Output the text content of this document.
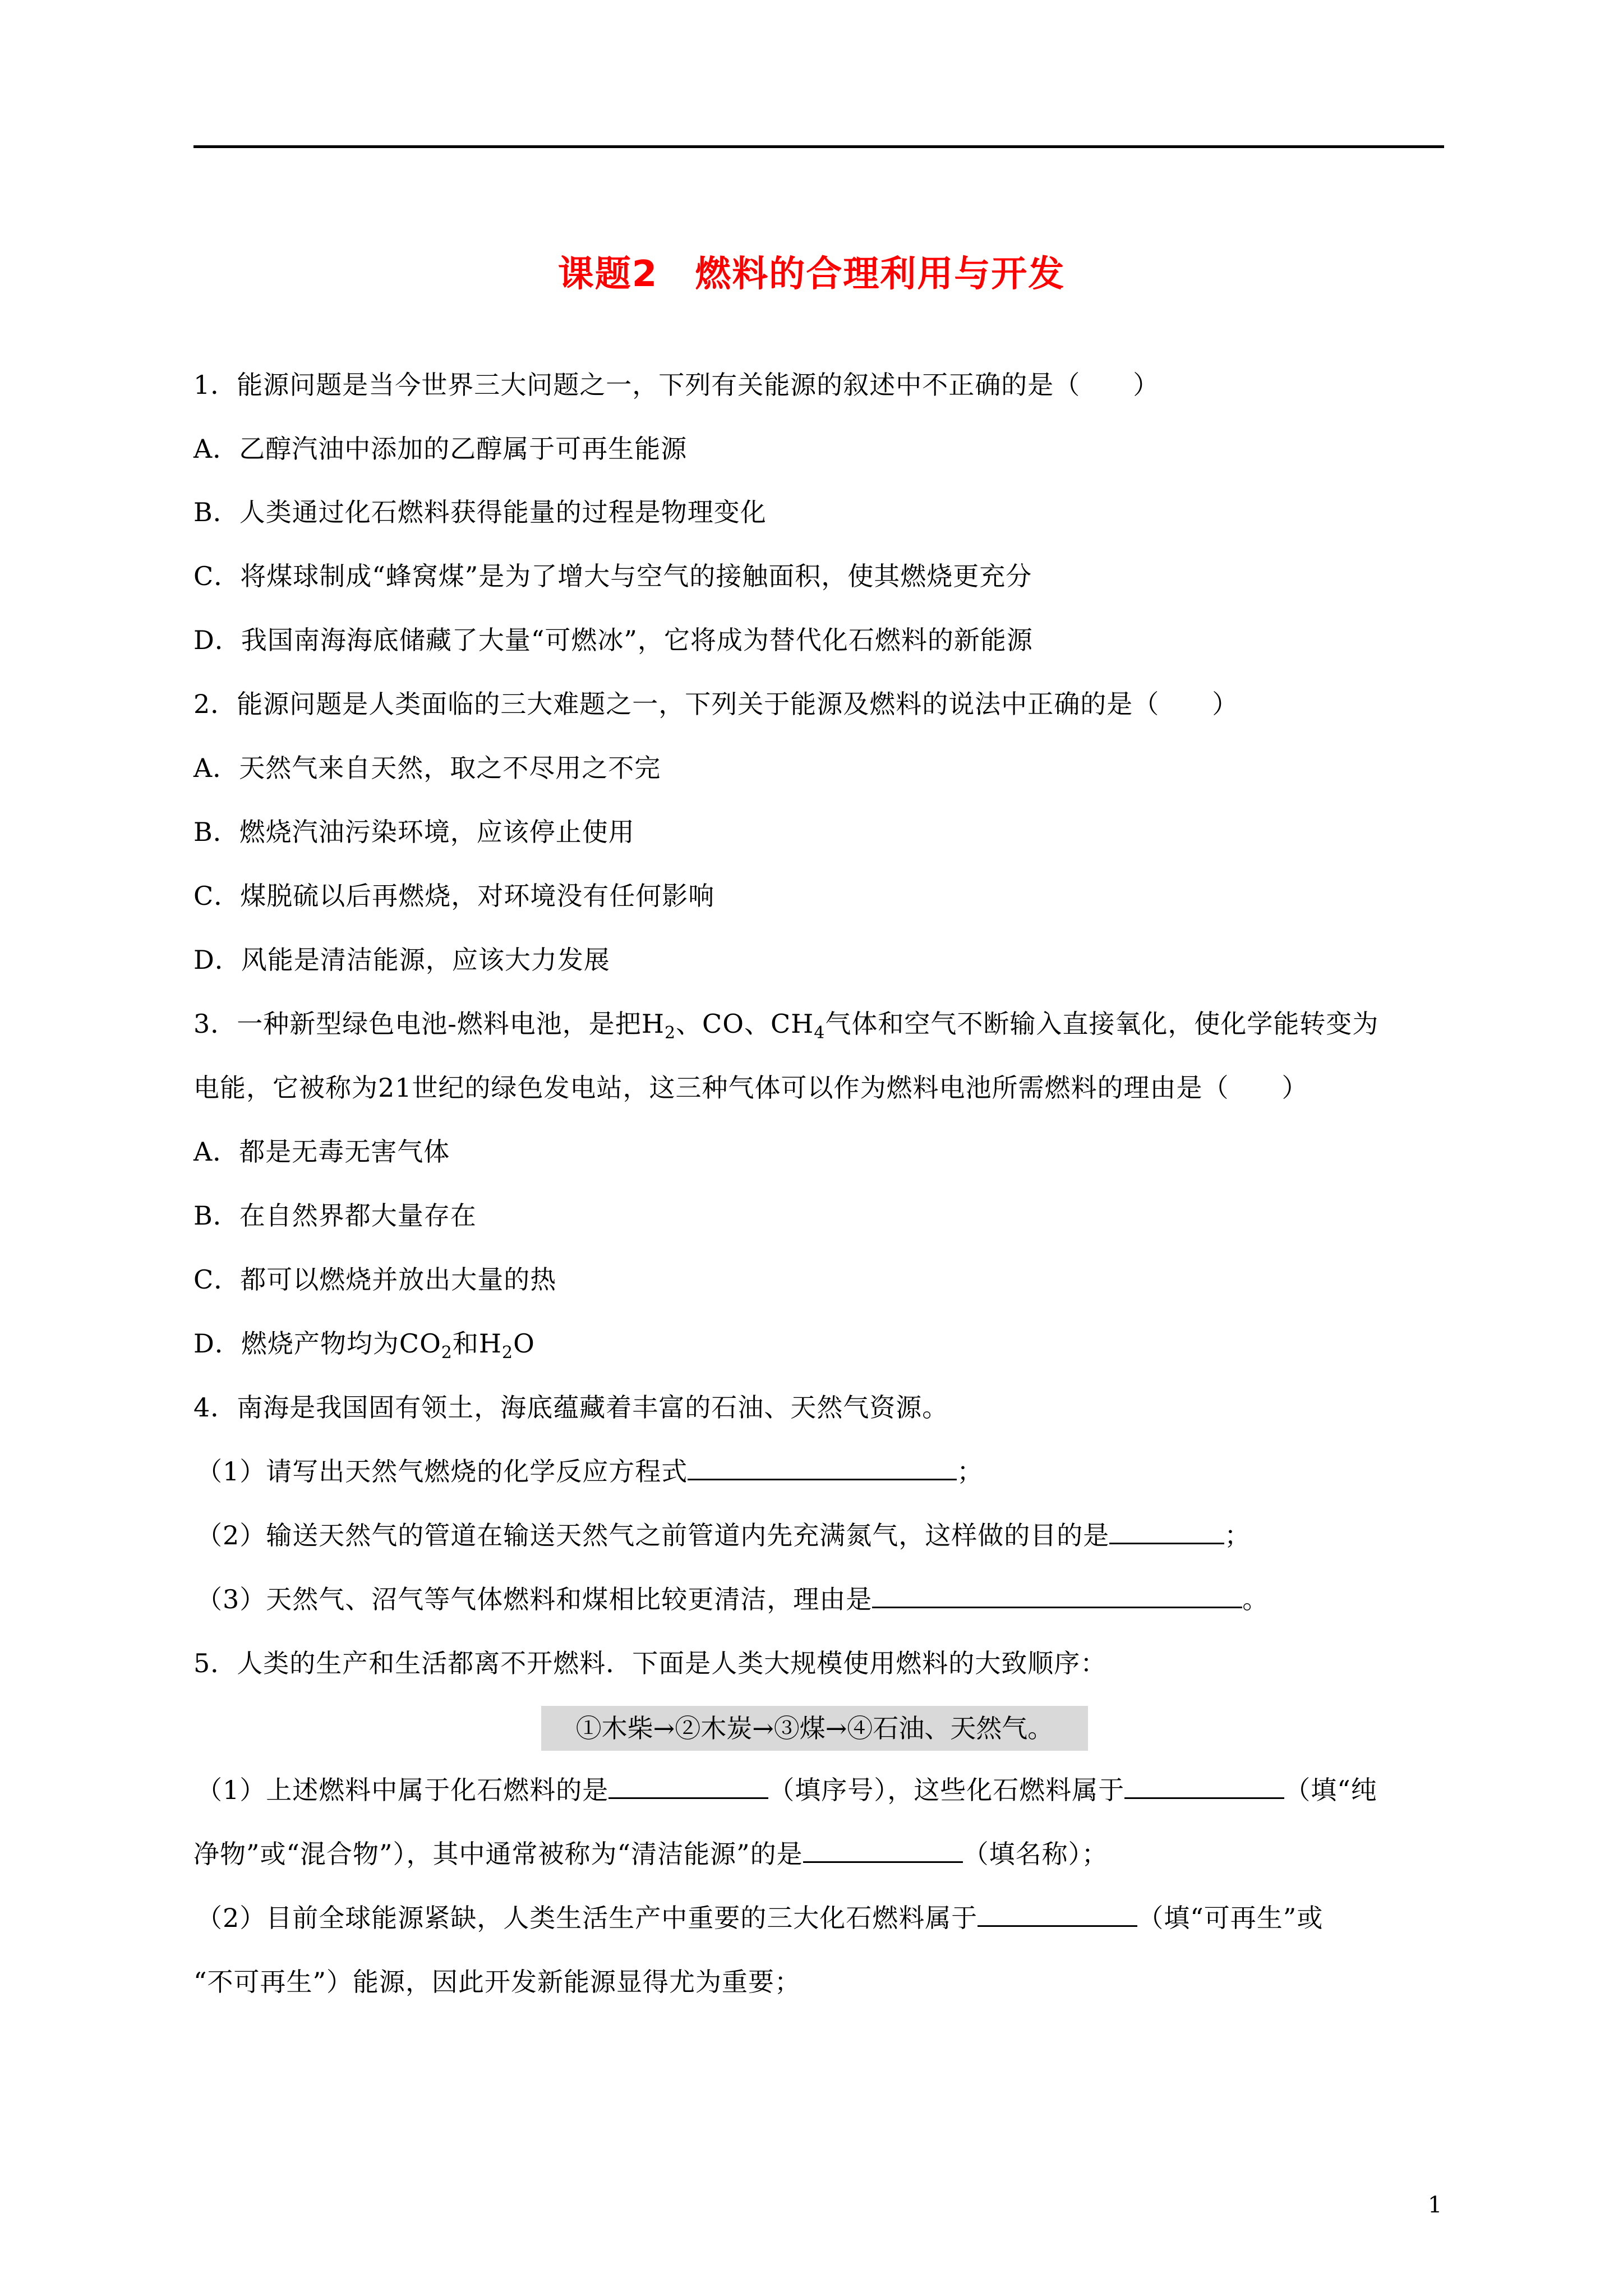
课题2　燃料的合理利用与开发
1．能源问题是当今世界三大问题之一，下列有关能源的叙述中不正确的是（　　）
A．乙醇汽油中添加的乙醇属于可再生能源
B．人类通过化石燃料获得能量的过程是物理变化
C．将煤球制成“蜂窝煤”是为了增大与空气的接触面积，使其燃烧更充分
D．我国南海海底储藏了大量“可燃冰”，它将成为替代化石燃料的新能源
2．能源问题是人类面临的三大难题之一，下列关于能源及燃料的说法中正确的是（　　）
A．天然气来自天然，取之不尽用之不完
B．燃烧汽油污染环境，应该停止使用
C．煤脱硫以后再燃烧，对环境没有任何影响
D．风能是清洁能源，应该大力发展
3．一种新型绿色电池-燃料电池，是把$H_2$、CO、$CH_4$气体和空气不断输入直接氧化，使化学能转变为
电能，它被称为21世纪的绿色发电站，这三种气体可以作为燃料电池所需燃料的理由是（　　）
A．都是无毒无害气体
B．在自然界都大量存在
C．都可以燃烧并放出大量的热
D．燃烧产物均为$CO_2$和$H_2O$
4．南海是我国固有领土，海底蕴藏着丰富的石油、天然气资源。
（1）请写出天然气燃烧的化学反应方程式	；
（2）输送天然气的管道在输送天然气之前管道内先充满氮气，这样做的目的是	；
（3）天然气、沼气等气体燃料和煤相比较更清洁，理由是	。
5．人类的生产和生活都离不开燃料．下面是人类大规模使用燃料的大致顺序：
①木柴→②木炭→③煤→④石油、天然气。
（1）上述燃料中属于化石燃料的是	（填序号），这些化石燃料属于	（填“纯
净物”或“混合物”），其中通常被称为“清洁能源”的是	（填名称）；
（2）目前全球能源紧缺，人类生活生产中重要的三大化石燃料属于	（填“可再生”或
“不可再生”）能源，因此开发新能源显得尤为重要；
1
